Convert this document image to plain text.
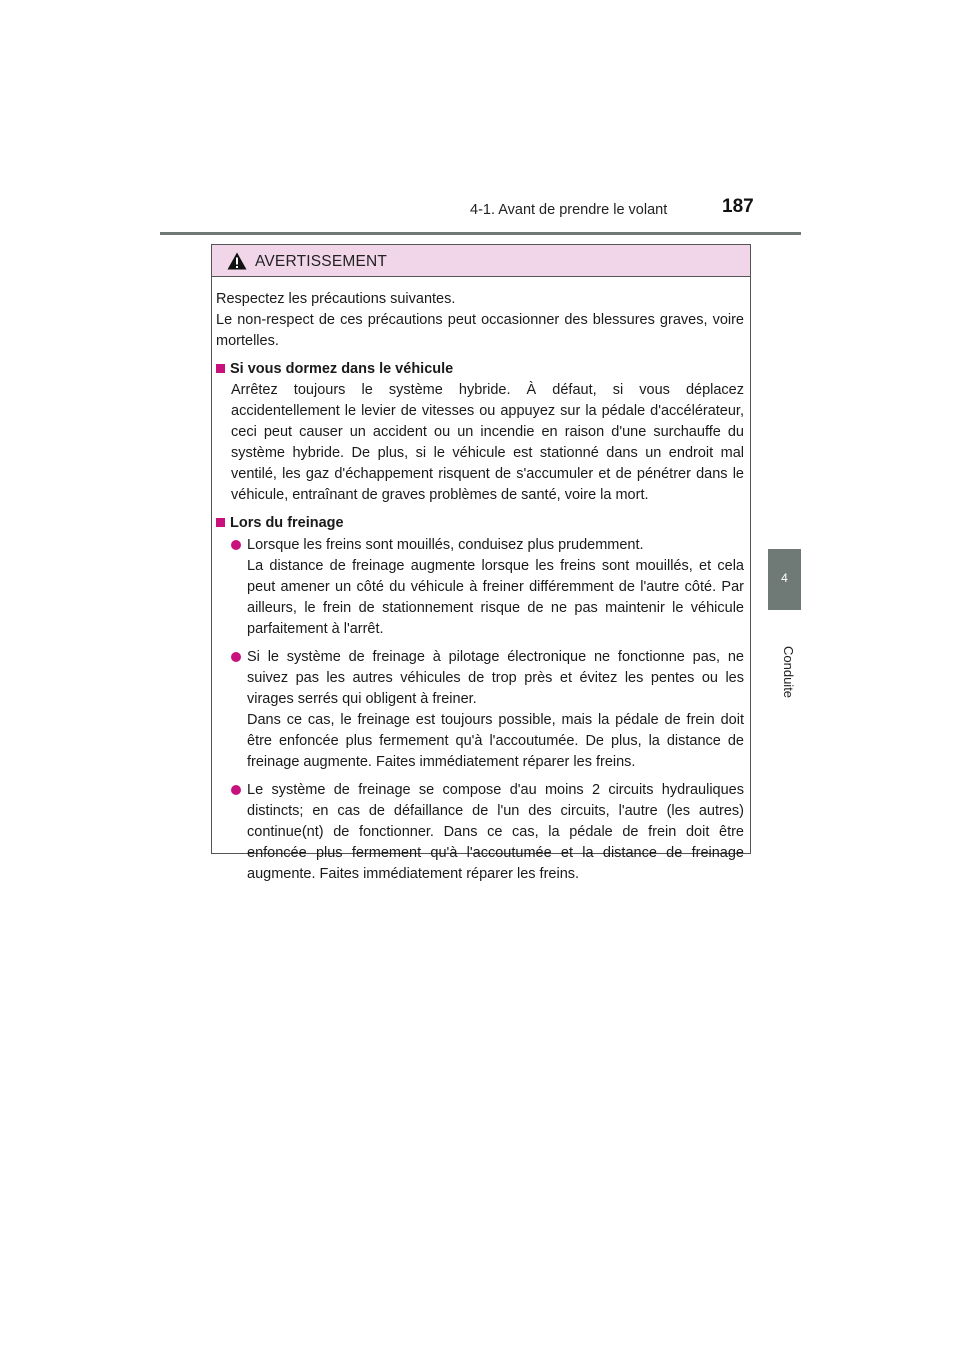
4-1. Avant de prendre le volant	187
4
Conduite
AVERTISSEMENT

Respectez les précautions suivantes.

Le non-respect de ces précautions peut occasionner des blessures graves, voire mortelles.

Si vous dormez dans le véhicule

Arrêtez toujours le système hybride. À défaut, si vous déplacez accidentellement le levier de vitesses ou appuyez sur la pédale d'accélérateur, ceci peut causer un accident ou un incendie en raison d'une surchauffe du système hybride. De plus, si le véhicule est stationné dans un endroit mal ventilé, les gaz d'échappement risquent de s'accumuler et de pénétrer dans le véhicule, entraînant de graves problèmes de santé, voire la mort.

Lors du freinage

Lorsque les freins sont mouillés, conduisez plus prudemment.

La distance de freinage augmente lorsque les freins sont mouillés, et cela peut amener un côté du véhicule à freiner différemment de l'autre côté. Par ailleurs, le frein de stationnement risque de ne pas maintenir le véhicule parfaitement à l'arrêt.

Si le système de freinage à pilotage électronique ne fonctionne pas, ne suivez pas les autres véhicules de trop près et évitez les pentes ou les virages serrés qui obligent à freiner.

Dans ce cas, le freinage est toujours possible, mais la pédale de frein doit être enfoncée plus fermement qu'à l'accoutumée. De plus, la distance de freinage augmente. Faites immédiatement réparer les freins.

Le système de freinage se compose d'au moins 2 circuits hydrauliques distincts; en cas de défaillance de l'un des circuits, l'autre (les autres) continue(nt) de fonctionner. Dans ce cas, la pédale de frein doit être enfoncée plus fermement qu'à l'accoutumée et la distance de freinage augmente. Faites immédiatement réparer les freins.
